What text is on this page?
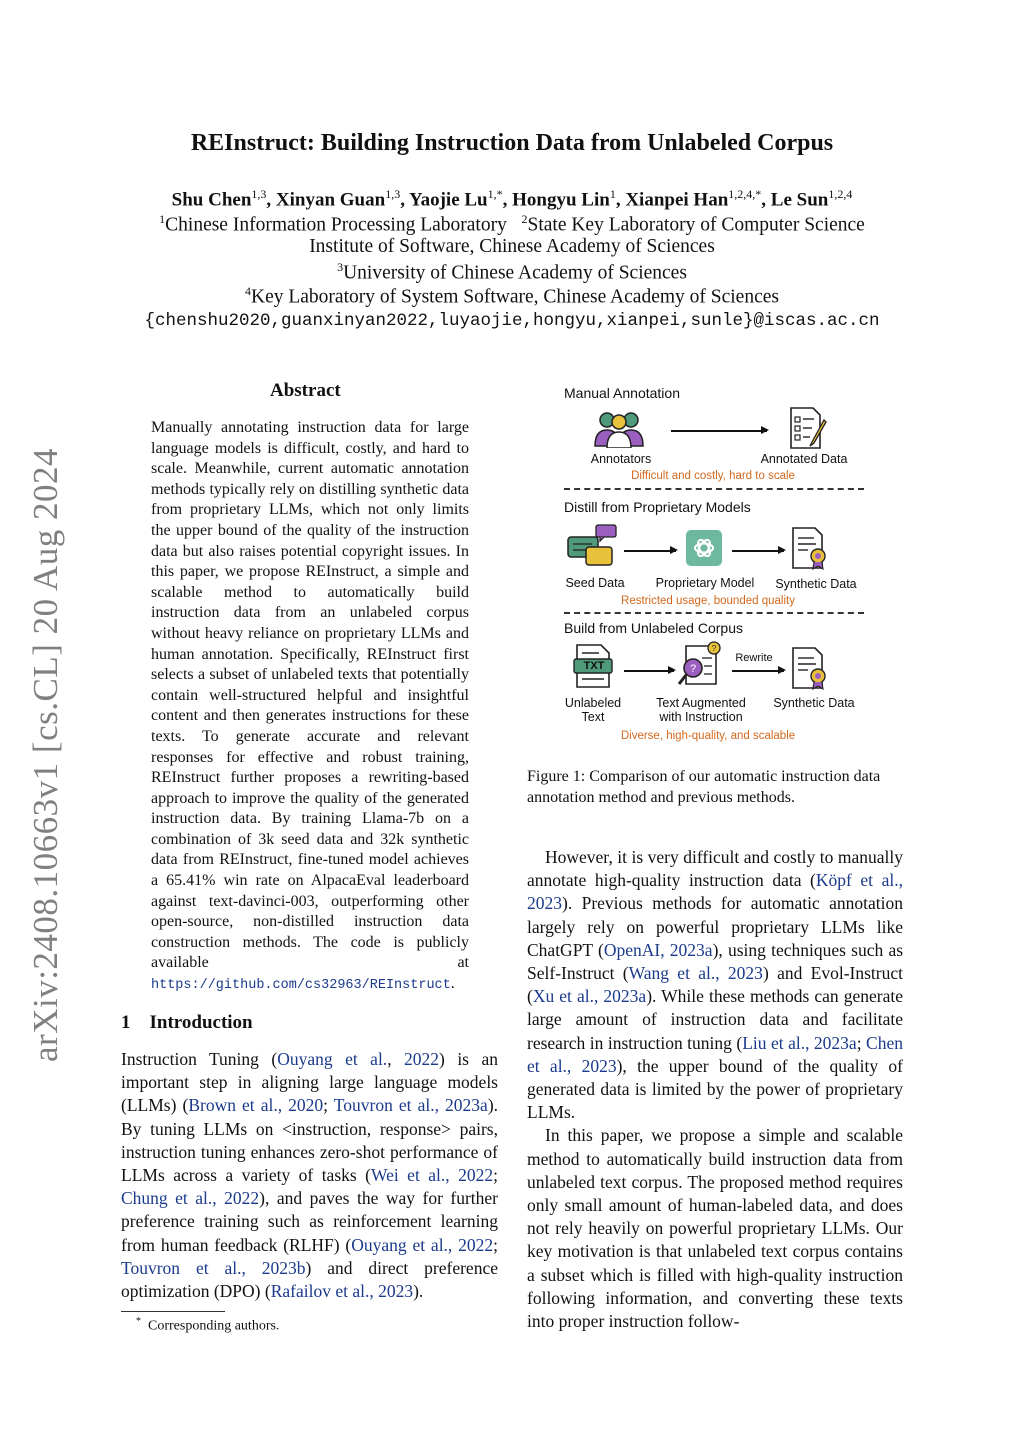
arXiv:2408.10663v1 [cs.CL] 20 Aug 2024
REInstruct: Building Instruction Data from Unlabeled Corpus
Shu Chen$^{1,3}$, Xinyan Guan$^{1,3}$, Yaojie $Lu^{1,*}$, Hongyu Lin$^1$, Xianpei Han$^{1,2,4,*}$, Le Sun$^{1,2,4}$
$^1$Chinese Information Processing Laboratory $^2$State Key Laboratory of Computer Science
Institute of Software, Chinese Academy of Sciences
$^3$University of Chinese Academy of Sciences
$^4$Key Laboratory of System Software, Chinese Academy of Sciences
{chenshu2020,guanxinyan2022,luyaojie,hongyu,xianpei,sunle}@iscas.ac.cn
Abstract
Manually annotating instruction data for large language models is difficult, costly, and hard to scale. Meanwhile, current automatic annotation methods typically rely on distilling synthetic data from proprietary LLMs, which not only limits the upper bound of the quality of the instruction data but also raises potential copyright issues. In this paper, we propose REInstruct, a simple and scalable method to automatically build instruction data from an unlabeled corpus without heavy reliance on proprietary LLMs and human annotation. Specifically, REInstruct first selects a subset of unlabeled texts that potentially contain well-structured helpful and insightful content and then generates instructions for these texts. To generate accurate and relevant responses for effective and robust training, REInstruct further proposes a rewriting-based approach to improve the quality of the generated instruction data. By training Llama-7b on a combination of 3k seed data and 32k synthetic data from REInstruct, fine-tuned model achieves a 65.41% win rate on AlpacaEval leaderboard against text-davinci-003, outperforming other open-source, non-distilled instruction data construction methods. The code is publicly available at https://github.com/cs32963/REInstruct.
1 Introduction

Instruction Tuning (Ouyang et al., 2022) is an important step in aligning large language models (LLMs) (Brown et al., 2020; Touvron et al., 2023a). By tuning LLMs on <instruction, response> pairs, instruction tuning enhances zero-shot performance of LLMs across a variety of tasks (Wei et al., 2022; Chung et al., 2022), and paves the way for further preference training such as reinforcement learning from human feedback (RLHF) (Ouyang et al., 2022; Touvron et al., 2023b) and direct preference optimization (DPO) (Rafailov et al., 2023).

* Corresponding authors.
Manual Annotation
Annotators	Annotated Data
Difficult and costly, hard to scale
Distill from Proprietary Models
Seed Data	Proprietary Model	Synthetic Data
Restricted usage, bounded quality
Build from Unlabeled Corpus
TXT	?
?
Rewrite
Unlabeled
Text
Text Augmented
with Instruction
Synthetic Data
Diverse, high-quality, and scalable
Figure 1: Comparison of our automatic instruction data annotation method and previous methods.

However, it is very difficult and costly to manually annotate high-quality instruction data (Köpf et al., 2023). Previous methods for automatic annotation largely rely on powerful proprietary LLMs like ChatGPT (OpenAI, 2023a), using techniques such as Self-Instruct (Wang et al., 2023) and Evol-Instruct (Xu et al., 2023a). While these methods can generate large amount of instruction data and facilitate research in instruction tuning (Liu et al., 2023a; Chen et al., 2023), the upper bound of the quality of generated data is limited by the power of proprietary LLMs.

In this paper, we propose a simple and scalable method to automatically build instruction data from unlabeled text corpus. The proposed method requires only small amount of human-labeled data, and does not rely heavily on powerful proprietary LLMs. Our key motivation is that unlabeled text corpus contains a subset which is filled with high-quality instruction following information, and converting these texts into proper instruction follow-
